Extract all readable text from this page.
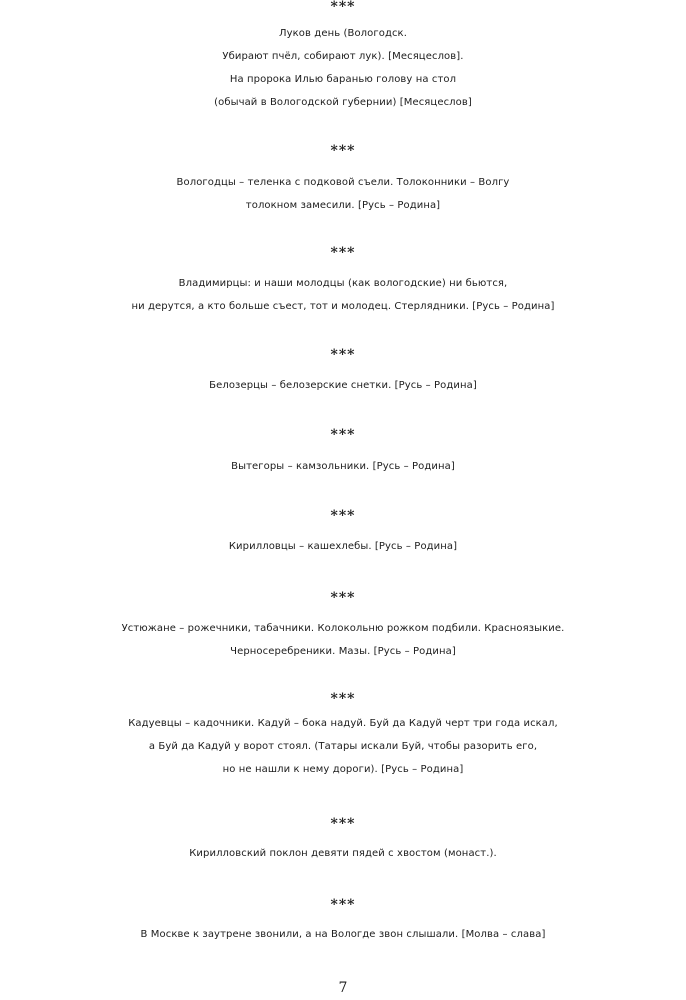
***
Луков день (Вологодск.
Убирают пчёл, собирают лук). [Месяцеслов].
На пророка Илью баранью голову на стол
(обычай в Вологодской губернии) [Месяцеслов]
***
Вологодцы – теленка с подковой съели. Толоконники – Волгу
толокном замесили. [Русь – Родина]
***
Владимирцы: и наши молодцы (как вологодские) ни бьются,
ни дерутся, а кто больше съест, тот и молодец. Стерлядники. [Русь – Родина]
***
Белозерцы – белозерские снетки. [Русь – Родина]
***
Вытегоры – камзольники. [Русь – Родина]
***
Кирилловцы – кашехлебы. [Русь – Родина]
***
Устюжане – рожечники, табачники. Колокольню рожком подбили. Красноязыкие.
Черносеребреники. Мазы. [Русь – Родина]
***
Кадуевцы – кадочники. Кадуй – бока надуй. Буй да Кадуй черт три года искал,
а Буй да Кадуй у ворот стоял. (Татары искали Буй, чтобы разорить его,
но не нашли к нему дороги). [Русь – Родина]
***
Кирилловский поклон девяти пядей с хвостом (монаст.).
***
В Москве к заутрене звонили, а на Вологде звон слышали. [Молва – слава]
7
